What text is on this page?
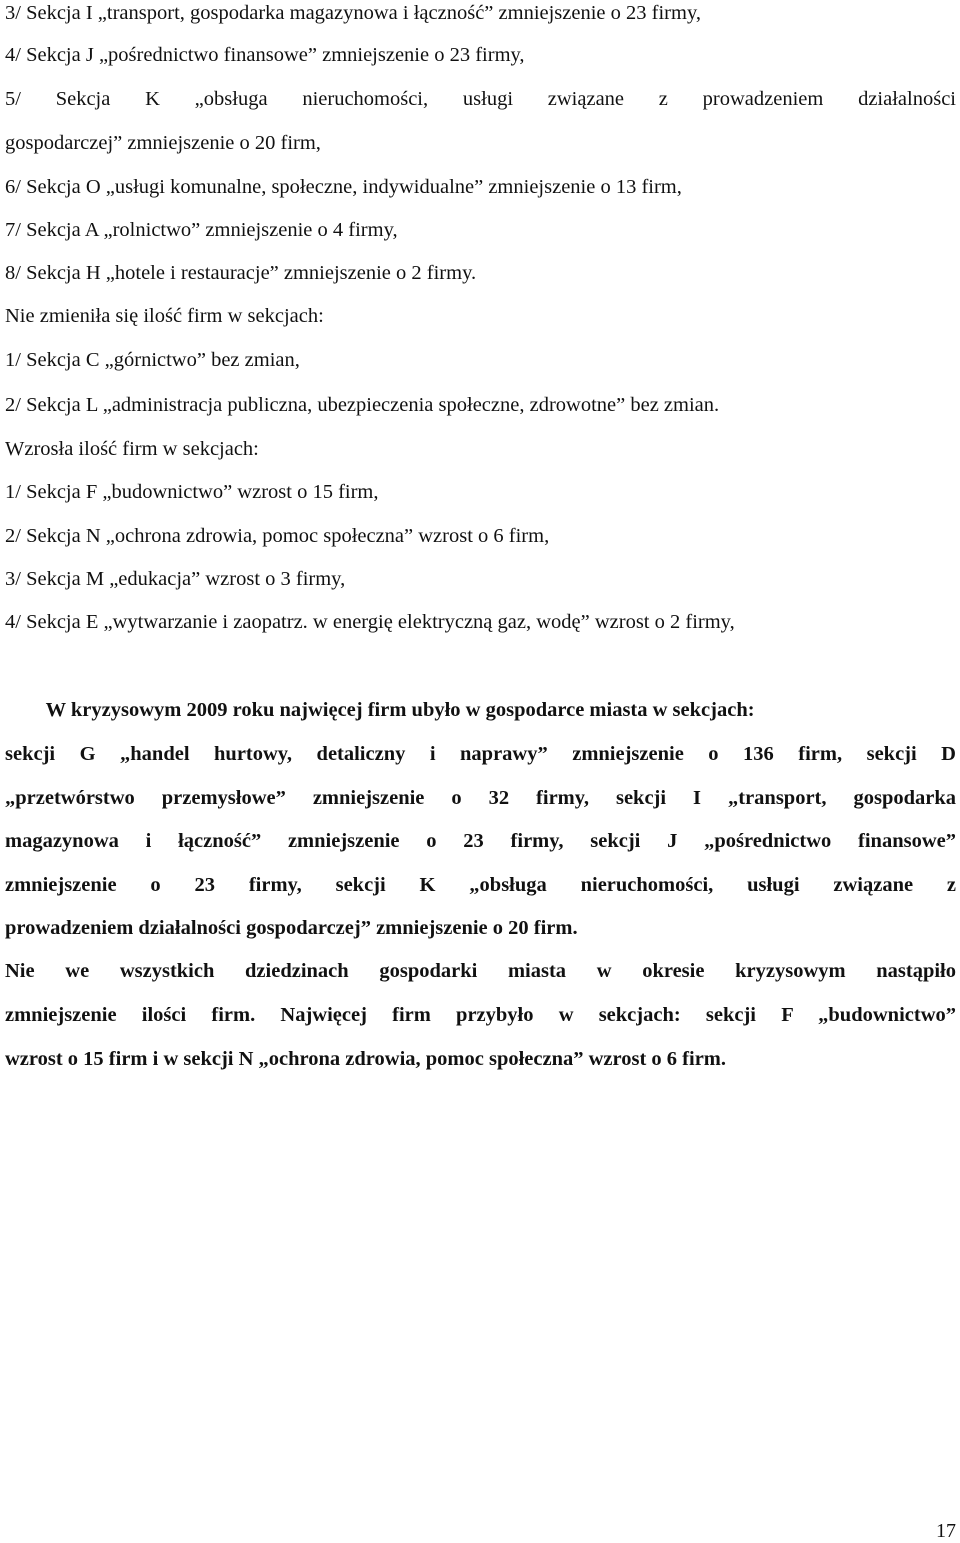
3/ Sekcja I „transport, gospodarka magazynowa i łączność” zmniejszenie o 23 firmy,
4/ Sekcja J „pośrednictwo finansowe” zmniejszenie o 23 firmy,
5/ Sekcja K „obsługa nieruchomości, usługi związane z prowadzeniem działalności
gospodarczej” zmniejszenie o 20 firm,
6/ Sekcja O „usługi komunalne, społeczne, indywidualne” zmniejszenie o 13 firm,
7/ Sekcja A „rolnictwo” zmniejszenie o 4 firmy,
8/ Sekcja H „hotele i restauracje” zmniejszenie o 2 firmy.
Nie zmieniła się ilość firm w sekcjach:
1/ Sekcja C „górnictwo” bez zmian,
2/ Sekcja L „administracja publiczna, ubezpieczenia społeczne, zdrowotne” bez zmian.
Wzrosła ilość firm w sekcjach:
1/ Sekcja F „budownictwo” wzrost o 15 firm,
2/ Sekcja N „ochrona zdrowia, pomoc społeczna” wzrost o 6 firm,
3/ Sekcja M „edukacja” wzrost o 3 firmy,
4/ Sekcja E „wytwarzanie i zaopatrz. w energię elektryczną gaz, wodę” wzrost o 2 firmy,
W kryzysowym 2009 roku najwięcej firm ubyło w gospodarce miasta w sekcjach:
sekcji G „handel hurtowy, detaliczny i naprawy” zmniejszenie o 136 firm, sekcji D
„przetwórstwo przemysłowe” zmniejszenie o 32 firmy, sekcji I „transport, gospodarka
magazynowa i łączność” zmniejszenie o 23 firmy, sekcji J „pośrednictwo finansowe”
zmniejszenie o 23 firmy, sekcji K „obsługa nieruchomości, usługi związane z
prowadzeniem działalności gospodarczej” zmniejszenie o 20 firm.
Nie we wszystkich dziedzinach gospodarki miasta w okresie kryzysowym nastąpiło
zmniejszenie ilości firm. Najwięcej firm przybyło w sekcjach: sekcji F „budownictwo”
wzrost o 15 firm i w sekcji N „ochrona zdrowia, pomoc społeczna” wzrost o 6 firm.
17
